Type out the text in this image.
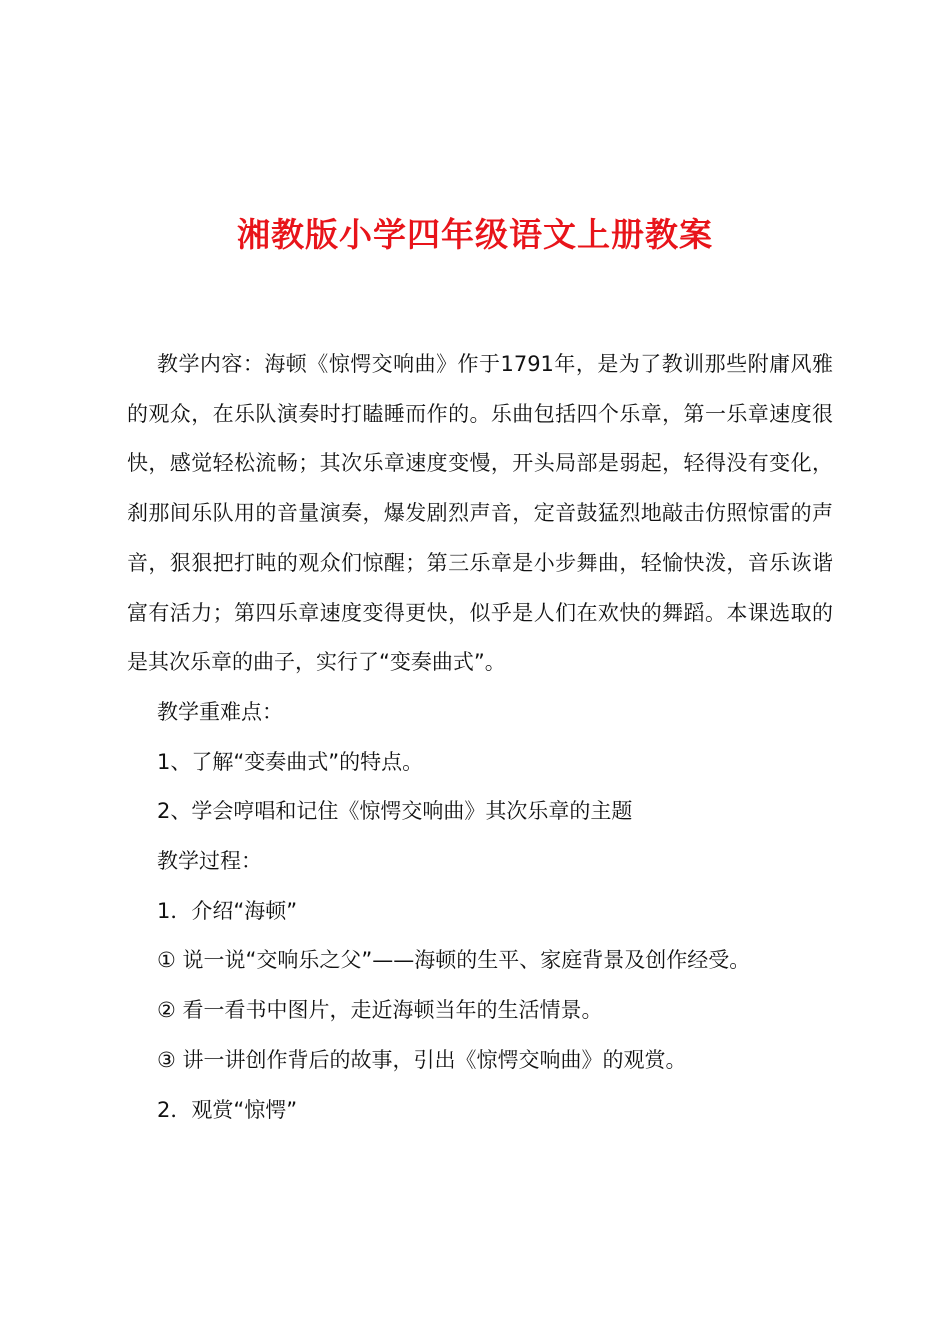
湘教版小学四年级语文上册教案

教学内容：海顿《惊愕交响曲》作于1791年，是为了教训那些附庸风雅的观众，在乐队演奏时打瞌睡而作的。乐曲包括四个乐章，第一乐章速度很快，感觉轻松流畅；其次乐章速度变慢，开头局部是弱起，轻得没有变化，刹那间乐队用的音量演奏，爆发剧烈声音，定音鼓猛烈地敲击仿照惊雷的声音，狠狠把打盹的观众们惊醒；第三乐章是小步舞曲，轻愉快泼，音乐诙谐富有活力；第四乐章速度变得更快，似乎是人们在欢快的舞蹈。本课选取的是其次乐章的曲子，实行了“变奏曲式”。

教学重难点：

1、了解“变奏曲式”的特点。

2、学会哼唱和记住《惊愕交响曲》其次乐章的主题

教学过程：

1．介绍“海顿”

① 说一说“交响乐之父”——海顿的生平、家庭背景及创作经受。

② 看一看书中图片，走近海顿当年的生活情景。

③ 讲一讲创作背后的故事，引出《惊愕交响曲》的观赏。

2．观赏“惊愕”
